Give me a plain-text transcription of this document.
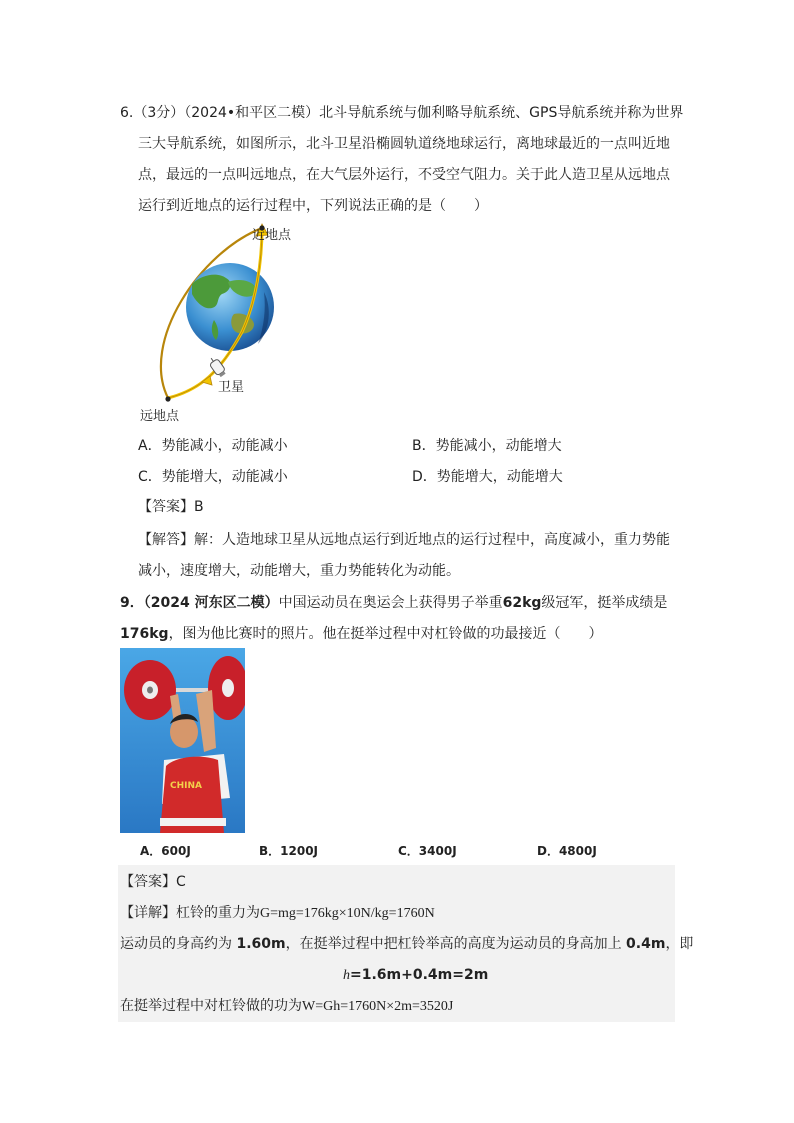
6.（3分）（2024•和平区二模）北斗导航系统与伽利略导航系统、GPS导航系统并称为世界
三大导航系统，如图所示，北斗卫星沿椭圆轨道绕地球运行，离地球最近的一点叫近地
点，最远的一点叫远地点，在大气层外运行，不受空气阻力。关于此人造卫星从远地点
运行到近地点的运行过程中，下列说法正确的是（　　）
近地点
卫星
远地点
A．势能减小，动能减小	B．势能减小，动能增大
C．势能增大，动能减小	D．势能增大，动能增大
【答案】B
【解答】解：人造地球卫星从远地点运行到近地点的运行过程中，高度减小，重力势能
减小，速度增大，动能增大，重力势能转化为动能。
9．（2024 河东区二模）中国运动员在奥运会上获得男子举重62kg级冠军，挺举成绩是
176kg，图为他比赛时的照片。他在挺举过程中对杠铃做的功最接近（　　）
CHINA
A．600J	B．1200J	C．3400J	D．4800J
【答案】C
【详解】杠铃的重力为G=mg=176kg×10N/kg=1760N
运动员的身高约为 1.60m，在挺举过程中把杠铃举高的高度为运动员的身高加上 0.4m，即
h=1.6m+0.4m=2m
在挺举过程中对杠铃做的功为W=Gh=1760N×2m=3520J
